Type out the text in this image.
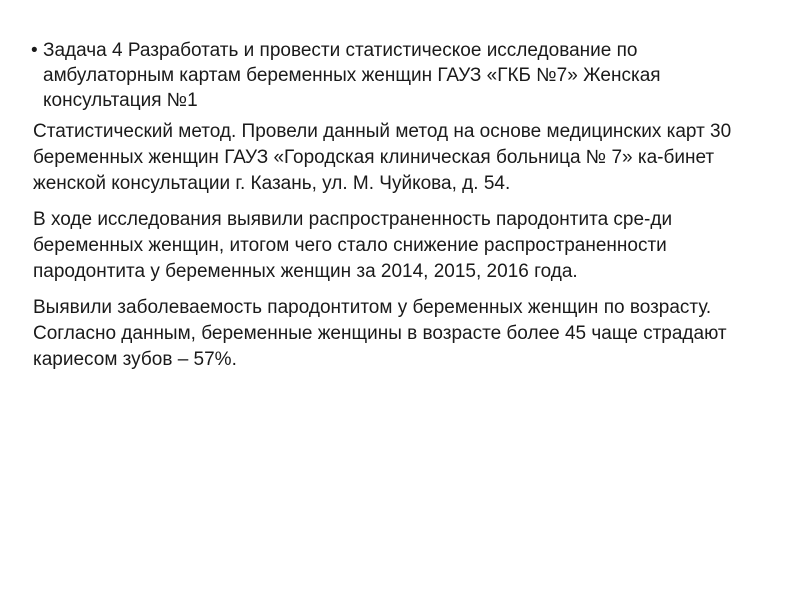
• Задача 4 Разработать и провести статистическое исследование по амбулаторным картам беременных женщин ГАУЗ «ГКБ №7» Женская консультация №1

Статистический метод. Провели данный метод на основе медицинских карт 30 беременных женщин ГАУЗ «Городская клиническая больница № 7» ка-бинет женской консультации г. Казань, ул. М. Чуйкова, д. 54.

В ходе исследования выявили распространенность пародонтита сре-ди беременных женщин, итогом чего стало снижение распространенности пародонтита у беременных женщин за 2014, 2015, 2016 года.

Выявили заболеваемость пародонтитом у беременных женщин по возрасту. Согласно данным, беременные женщины в возрасте более 45 чаще страдают кариесом зубов – 57%.
